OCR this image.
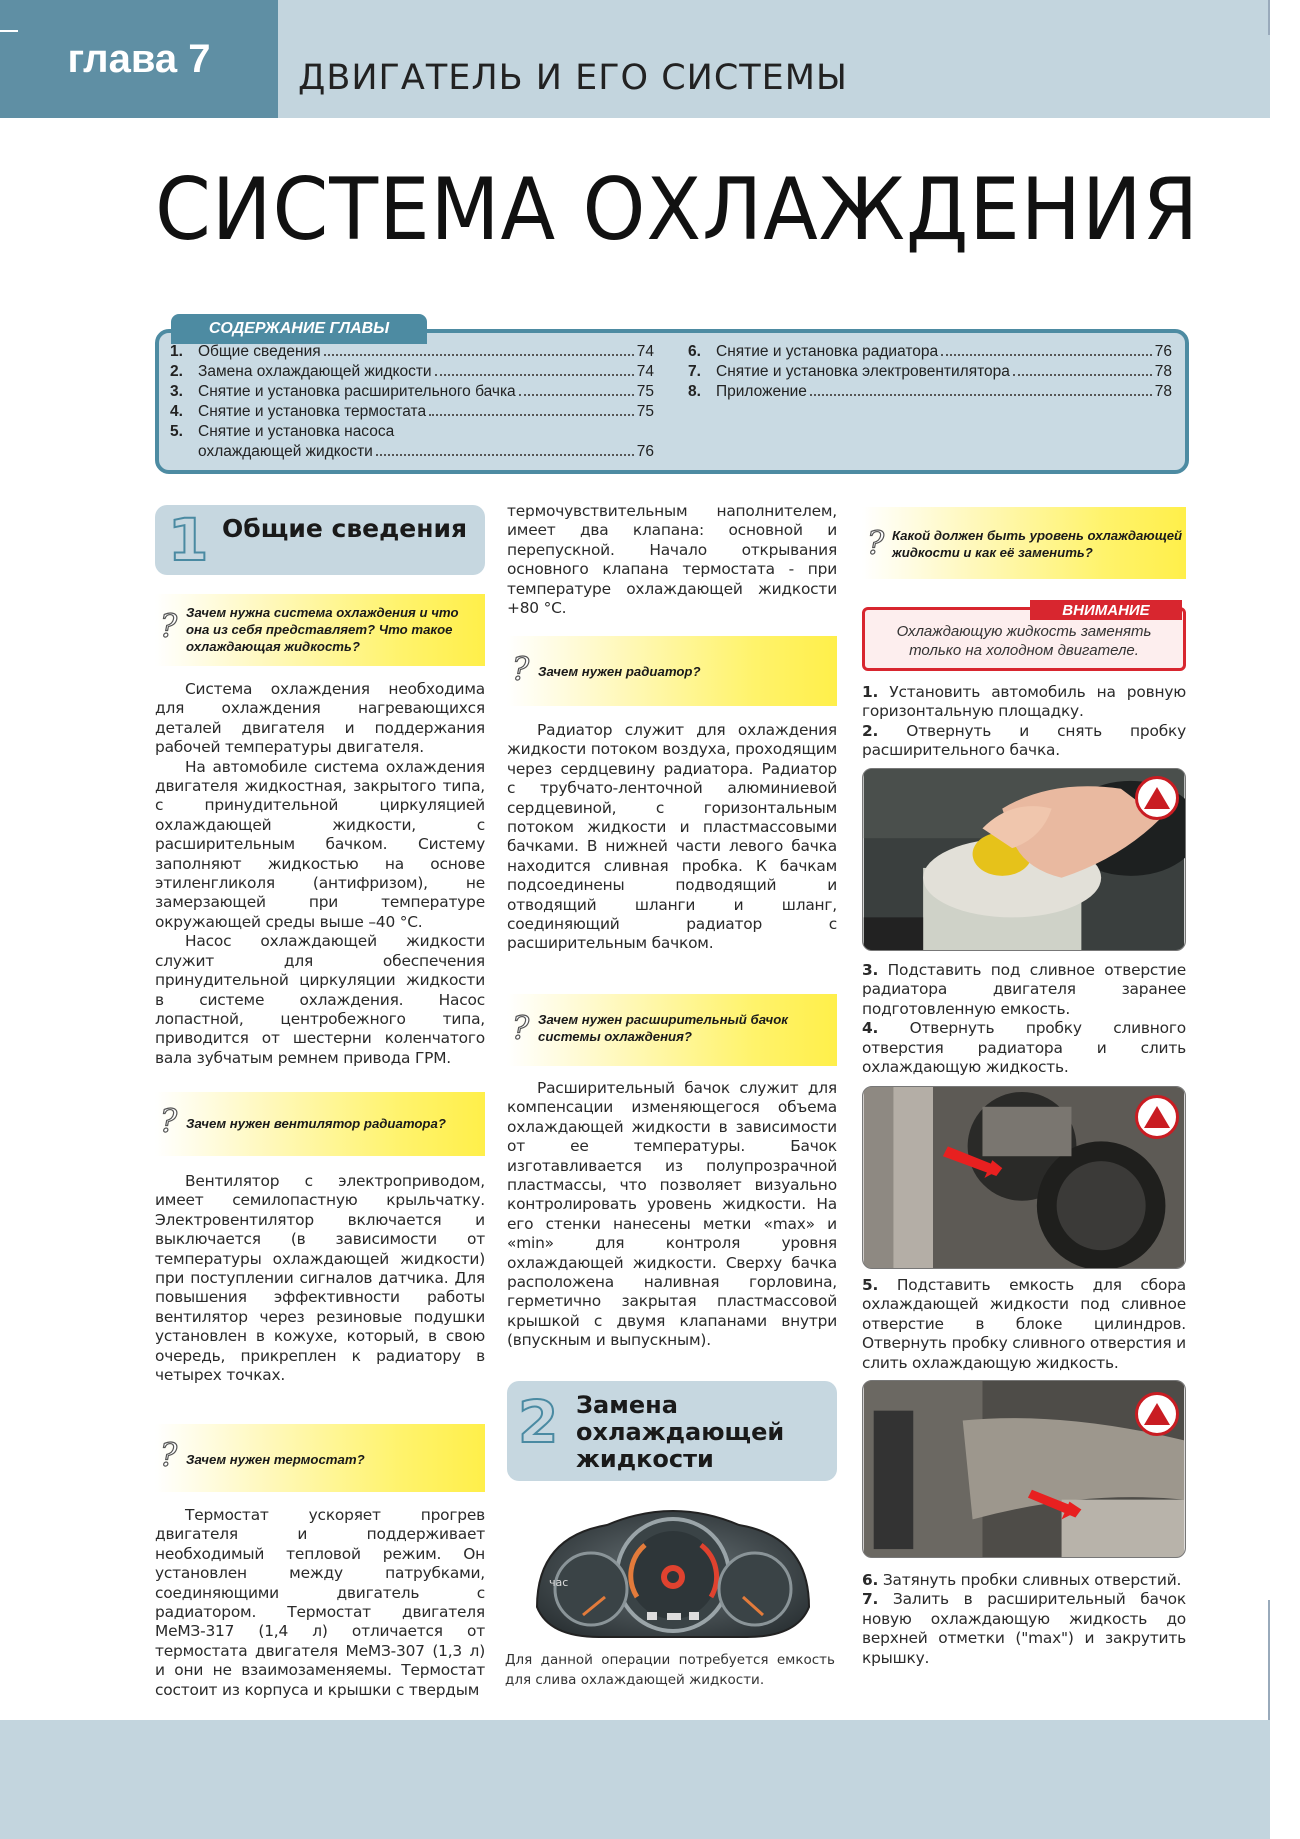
глава 7	ДВИГАТЕЛЬ И ЕГО СИСТЕМЫ
СИСТЕМА ОХЛАЖДЕНИЯ
СОДЕРЖАНИЕ ГЛАВЫ
1. Общие сведения	74
2. Замена охлаждающей жидкости	74
3. Снятие и установка расширительного бачка	75
4. Снятие и установка термостата	75
5. Снятие и установка насоса
охлаждающей жидкости	76
6. Снятие и установка радиатора	76
7. Снятие и установка электровентилятора	78
8. Приложение	78
1 Общие сведения
? Зачем нужна система охлаждения и что она из себя представляет? Что такое охлаждающая жидкость?

Система охлаждения необходима для охлаждения нагревающихся деталей двигателя и поддержания рабочей температуры двигателя.

На автомобиле система охлаждения двигателя жидкостная, закрытого типа, с принудительной циркуляцией охлаждающей жидкости, с расширительным бачком. Систему заполняют жидкостью на основе этиленгликоля (антифризом), не замерзающей при температуре окружающей среды выше –40 °С.

Насос охлаждающей жидкости служит для обеспечения принудительной циркуляции жидкости в системе охлаждения. Насос лопастной, центробежного типа, приводится от шестерни коленчатого вала зубчатым ремнем привода ГРМ.

? Зачем нужен вентилятор радиатора?

Вентилятор с электроприводом, имеет семилопастную крыльчатку. Электровентилятор включается и выключается (в зависимости от температуры охлаждающей жидкости) при поступлении сигналов датчика. Для повышения эффективности работы вентилятор через резиновые подушки установлен в кожухе, который, в свою очередь, прикреплен к радиатору в четырех точках.

? Зачем нужен термостат?

Термостат ускоряет прогрев двигателя и поддерживает необходимый тепловой режим. Он установлен между патрубками, соединяющими двигатель с радиатором. Термостат двигателя МеМЗ-317 (1,4 л) отличается от термостата двигателя МеМЗ-307 (1,3 л) и они не взаимозаменяемы. Термостат состоит из корпуса и крышки с твердым

термочувствительным наполнителем, имеет два клапана: основной и перепускной. Начало открывания основного клапана термостата - при температуре охлаждающей жидкости +80 °С.

? Зачем нужен радиатор?

Радиатор служит для охлаждения жидкости потоком воздуха, проходящим через сердцевину радиатора. Радиатор с трубчато-ленточной алюминиевой сердцевиной, с горизонтальным потоком жидкости и пластмассовыми бачками. В нижней части левого бачка находится сливная пробка. К бачкам подсоединены подводящий и отводящий шланги и шланг, соединяющий радиатор с расширительным бачком.

? Зачем нужен расширительный бачок системы охлаждения?

Расширительный бачок служит для компенсации изменяющегося объема охлаждающей жидкости в зависимости от ее температуры. Бачок изготавливается из полупрозрачной пластмассы, что позволяет визуально контролировать уровень жидкости. На его стенки нанесены метки «max» и «min» для контроля уровня охлаждающей жидкости. Сверху бачка расположена наливная горловина, герметично закрытая пластмассовой крышкой с двумя клапанами внутри (впускным и выпускным).

2 Замена
охлаждающей
жидкости
час
Для данной операции потребуется емкость для слива охлаждающей жидкости.
? Какой должен быть уровень охлаждающей жидкости и как её заменить?
ВНИМАНИЕ
Охлаждающую жидкость заменять только на холодном двигателе.

1. Установить автомобиль на ровную горизонтальную площадку.

2. Отвернуть и снять пробку расширительного бачка.

3. Подставить под сливное отверстие радиатора двигателя заранее подготовленную емкость.

4. Отвернуть пробку сливного отверстия радиатора и слить охлаждающую жидкость.

5. Подставить емкость для сбора охлаждающей жидкости под сливное отверстие в блоке цилиндров. Отвернуть пробку сливного отверстия и слить охлаждающую жидкость.

6. Затянуть пробки сливных отверстий.

7. Залить в расширительный бачок новую охлаждающую жидкость до верхней отметки ("max") и закрутить крышку.
